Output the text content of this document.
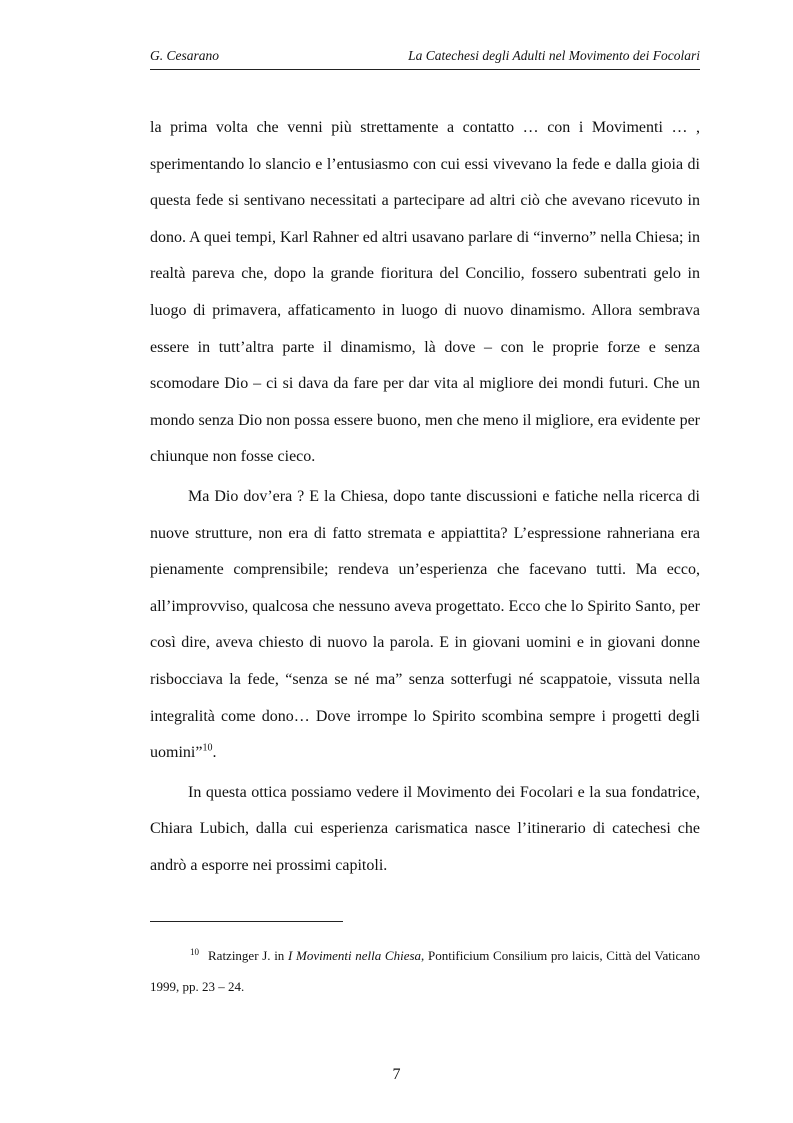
G. Cesarano	La Catechesi degli Adulti nel Movimento dei Focolari

la prima volta che venni più strettamente a contatto … con i Movimenti … , sperimentando lo slancio e l’entusiasmo con cui essi vivevano la fede e dalla gioia di questa fede si sentivano necessitati a partecipare ad altri ciò che avevano ricevuto in dono. A quei tempi, Karl Rahner ed altri usavano parlare di “inverno” nella Chiesa; in realtà pareva che, dopo la grande fioritura del Concilio, fossero subentrati gelo in luogo di primavera, affaticamento in luogo di nuovo dinamismo. Allora sembrava essere in tutt’altra parte il dinamismo, là dove – con le proprie forze e senza scomodare Dio – ci si dava da fare per dar vita al migliore dei mondi futuri. Che un mondo senza Dio non possa essere buono, men che meno il migliore, era evidente per chiunque non fosse cieco.

Ma Dio dov’era ? E la Chiesa, dopo tante discussioni e fatiche nella ricerca di nuove strutture, non era di fatto stremata e appiattita? L’espressione rahneriana era pienamente comprensibile; rendeva un’esperienza che facevano tutti. Ma ecco, all’improvviso, qualcosa che nessuno aveva progettato. Ecco che lo Spirito Santo, per così dire, aveva chiesto di nuovo la parola. E in giovani uomini e in giovani donne risbocciava la fede, “senza se né ma” senza sotterfugi né scappatoie, vissuta nella integralità come dono… Dove irrompe lo Spirito scombina sempre i progetti degli uomini”$^{10}$.

In questa ottica possiamo vedere il Movimento dei Focolari e la sua fondatrice, Chiara Lubich, dalla cui esperienza carismatica nasce l’itinerario di catechesi che andrò a esporre nei prossimi capitoli.

10 Ratzinger J. in I Movimenti nella Chiesa, Pontificium Consilium pro laicis, Città del Vaticano 1999, pp. 23 – 24.
7
